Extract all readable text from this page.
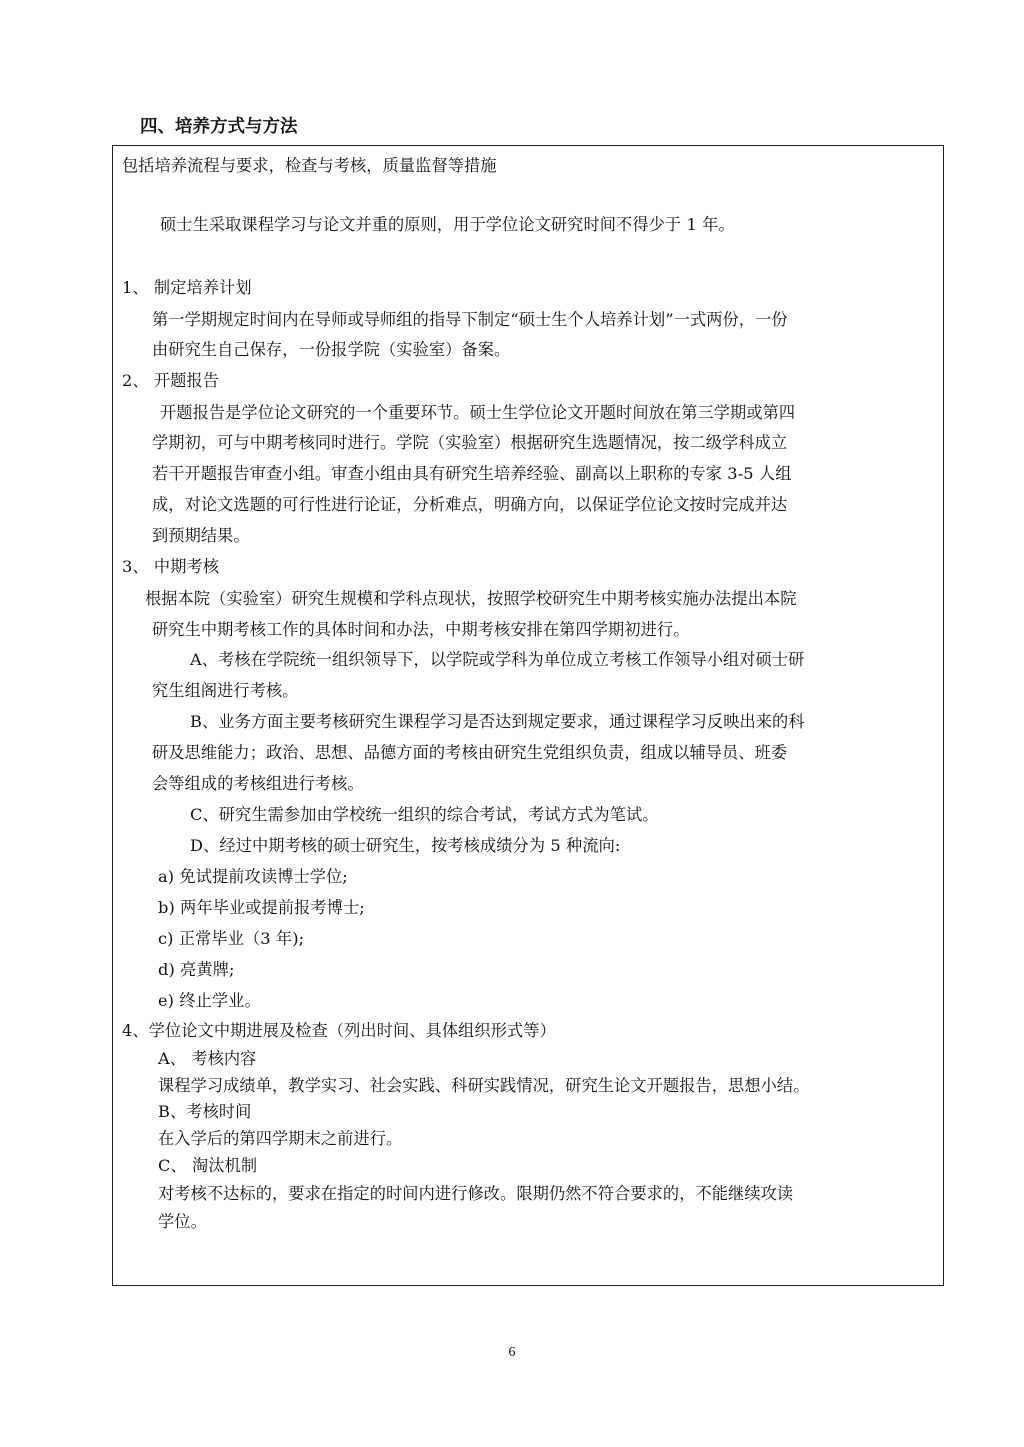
四、培养方式与方法
包括培养流程与要求，检查与考核，质量监督等措施
硕士生采取课程学习与论文并重的原则，用于学位论文研究时间不得少于 1 年。
1、 制定培养计划
第一学期规定时间内在导师或导师组的指导下制定“硕士生个人培养计划”一式两份，一份
由研究生自己保存，一份报学院（实验室）备案。
2、 开题报告
开题报告是学位论文研究的一个重要环节。硕士生学位论文开题时间放在第三学期或第四
学期初，可与中期考核同时进行。学院（实验室）根据研究生选题情况，按二级学科成立
若干开题报告审查小组。审查小组由具有研究生培养经验、副高以上职称的专家 3-5 人组
成，对论文选题的可行性进行论证，分析难点，明确方向，以保证学位论文按时完成并达
到预期结果。
3、 中期考核
根据本院（实验室）研究生规模和学科点现状，按照学校研究生中期考核实施办法提出本院
研究生中期考核工作的具体时间和办法，中期考核安排在第四学期初进行。
A、考核在学院统一组织领导下，以学院或学科为单位成立考核工作领导小组对硕士研
究生组阁进行考核。
B、业务方面主要考核研究生课程学习是否达到规定要求，通过课程学习反映出来的科
研及思维能力；政治、思想、品德方面的考核由研究生党组织负责，组成以辅导员、班委
会等组成的考核组进行考核。
C、研究生需参加由学校统一组织的综合考试，考试方式为笔试。
D、经过中期考核的硕士研究生，按考核成绩分为 5 种流向:
a) 免试提前攻读博士学位;
b) 两年毕业或提前报考博士;
c) 正常毕业（3 年);
d) 亮黄牌;
e) 终止学业。
4、学位论文中期进展及检查（列出时间、具体组织形式等）
A、 考核内容
课程学习成绩单，教学实习、社会实践、科研实践情况，研究生论文开题报告，思想小结。
B、考核时间
在入学后的第四学期末之前进行。
C、 淘汰机制
对考核不达标的，要求在指定的时间内进行修改。限期仍然不符合要求的，不能继续攻读
学位。
6
